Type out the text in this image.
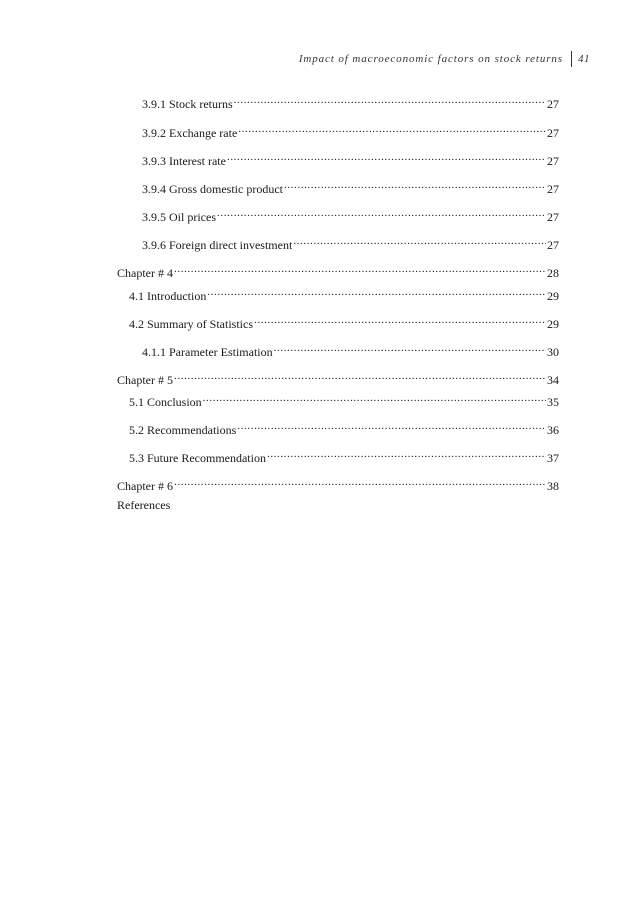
Impact of macroeconomic factors on stock returns 41
3.9.1 Stock returns .....	27
3.9.2 Exchange rate .....	27
3.9.3 Interest rate .....	27
3.9.4 Gross domestic product .....	27
3.9.5 Oil prices .....	27
3.9.6 Foreign direct investment .....	27
Chapter # 4 .....	28
4.1 Introduction .....	29
4.2 Summary of Statistics .....	29
4.1.1 Parameter Estimation .....	30
Chapter # 5 .....	34
5.1 Conclusion .....	35
5.2 Recommendations .....	36
5.3 Future Recommendation .....	37
Chapter # 6 .....	38
References
